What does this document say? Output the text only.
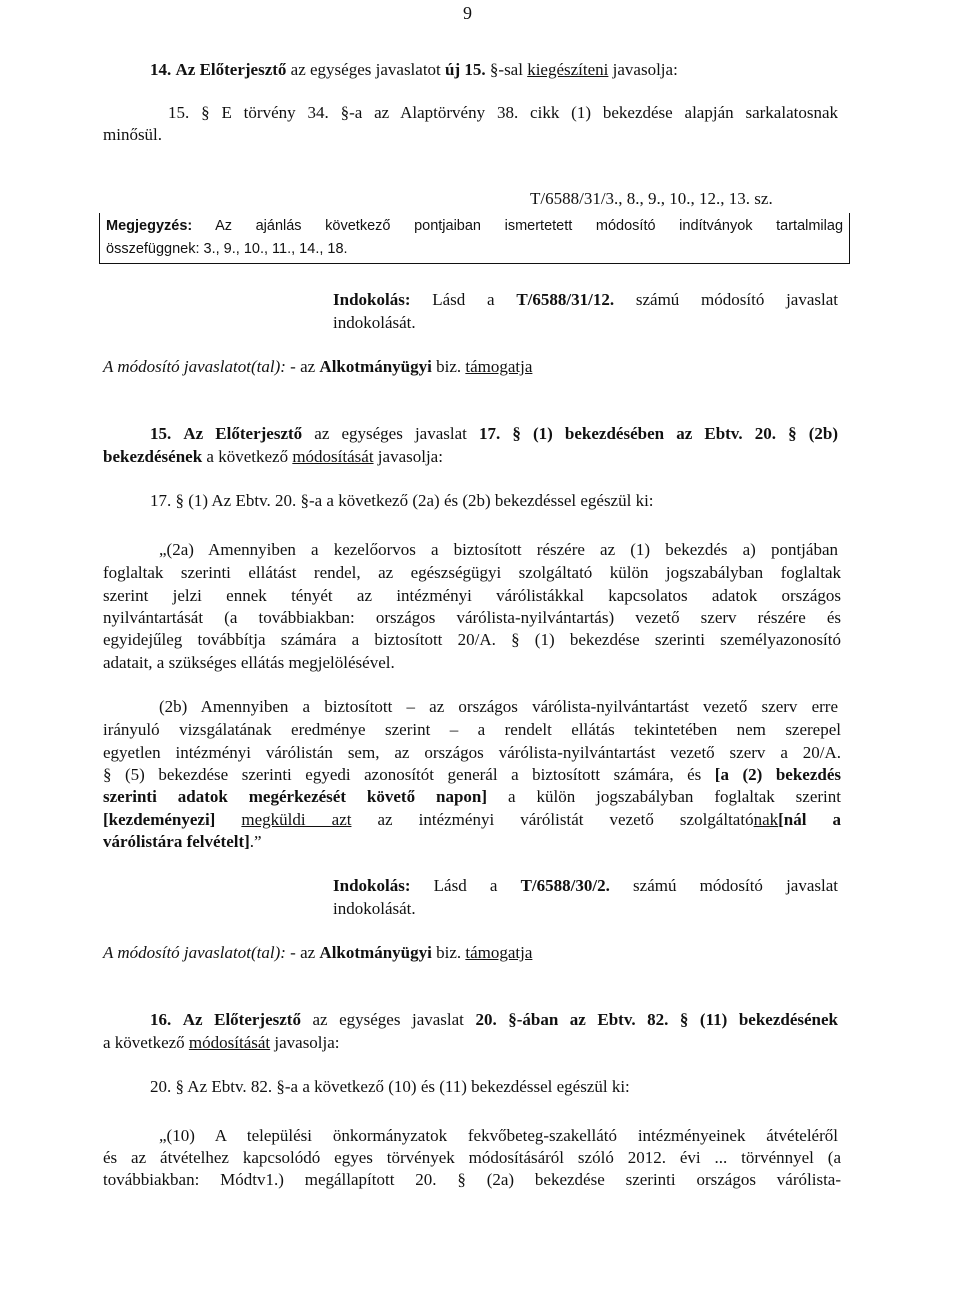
9
14. Az Előterjesztő az egységes javaslatot új 15. §-sal kiegészíteni javasolja:
15. § E törvény 34. §-a az Alaptörvény 38. cikk (1) bekezdése alapján sarkalatosnak
minősül.
T/6588/31/3., 8., 9., 10., 12., 13. sz.
Megjegyzés: Az ajánlás következő pontjaiban ismertetett módosító indítványok tartalmilag
összefüggnek: 3., 9., 10., 11., 14., 18.
Indokolás: Lásd a T/6588/31/12. számú módosító javaslat
indokolását.
A módosító javaslatot(tal): - az Alkotmányügyi biz. támogatja
15. Az Előterjesztő az egységes javaslat 17. § (1) bekezdésében az Ebtv. 20. § (2b)
bekezdésének a következő módosítását javasolja:
17. § (1) Az Ebtv. 20. §-a a következő (2a) és (2b) bekezdéssel egészül ki:
„(2a) Amennyiben a kezelőorvos a biztosított részére az (1) bekezdés a) pontjában
foglaltak szerinti ellátást rendel, az egészségügyi szolgáltató külön jogszabályban foglaltak
szerint jelzi ennek tényét az intézményi várólistákkal kapcsolatos adatok országos
nyilvántartását (a továbbiakban: országos várólista-nyilvántartás) vezető szerv részére és
egyidejűleg továbbítja számára a biztosított 20/A. § (1) bekezdése szerinti személyazonosító
adatait, a szükséges ellátás megjelölésével.
(2b) Amennyiben a biztosított – az országos várólista-nyilvántartást vezető szerv erre
irányuló vizsgálatának eredménye szerint – a rendelt ellátás tekintetében nem szerepel
egyetlen intézményi várólistán sem, az országos várólista-nyilvántartást vezető szerv a 20/A.
§ (5) bekezdése szerinti egyedi azonosítót generál a biztosított számára, és [a (2) bekezdés
szerinti adatok megérkezését követő napon] a külön jogszabályban foglaltak szerint
[kezdeményezi] megküldi azt az intézményi várólistát vezető szolgáltatónak[nál a
várólistára felvételt].”
Indokolás: Lásd a T/6588/30/2. számú módosító javaslat
indokolását.
A módosító javaslatot(tal): - az Alkotmányügyi biz. támogatja
16. Az Előterjesztő az egységes javaslat 20. §-ában az Ebtv. 82. § (11) bekezdésének
a következő módosítását javasolja:
20. § Az Ebtv. 82. §-a a következő (10) és (11) bekezdéssel egészül ki:
„(10) A települési önkormányzatok fekvőbeteg-szakellátó intézményeinek átvételéről
és az átvételhez kapcsolódó egyes törvények módosításáról szóló 2012. évi ... törvénnyel (a
továbbiakban: Módtv1.) megállapított 20. § (2a) bekezdése szerinti országos várólista-
